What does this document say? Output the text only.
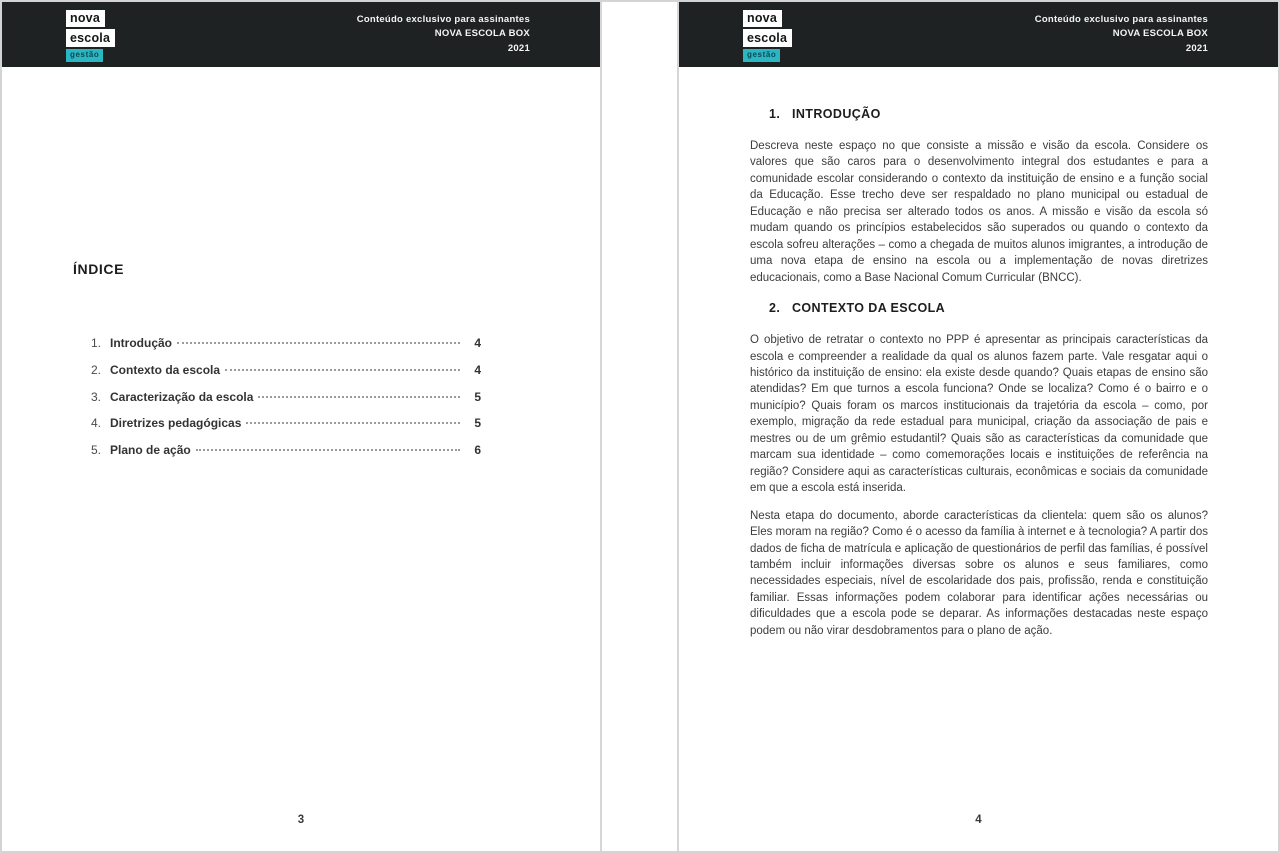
nova
escola
gestão
Conteúdo exclusivo para assinantes
NOVA ESCOLA BOX
2021
ÍNDICE
1. Introdução	4
2. Contexto da escola	4
3. Caracterização da escola	5
4. Diretrizes pedagógicas	5
5. Plano de ação	6
3
nova
escola
gestão
Conteúdo exclusivo para assinantes
NOVA ESCOLA BOX
2021
1. INTRODUÇÃO

Descreva neste espaço no que consiste a missão e visão da escola. Considere os valores que são caros para o desenvolvimento integral dos estudantes e para a comunidade escolar considerando o contexto da instituição de ensino e a função social da Educação. Esse trecho deve ser respaldado no plano municipal ou estadual de Educação e não precisa ser alterado todos os anos. A missão e visão da escola só mudam quando os princípios estabelecidos são superados ou quando o contexto da escola sofreu alterações – como a chegada de muitos alunos imigrantes, a introdução de uma nova etapa de ensino na escola ou a implementação de novas diretrizes educacionais, como a Base Nacional Comum Curricular (BNCC).

2. CONTEXTO DA ESCOLA

O objetivo de retratar o contexto no PPP é apresentar as principais características da escola e compreender a realidade da qual os alunos fazem parte. Vale resgatar aqui o histórico da instituição de ensino: ela existe desde quando? Quais etapas de ensino são atendidas? Em que turnos a escola funciona? Onde se localiza? Como é o bairro e o município? Quais foram os marcos institucionais da trajetória da escola – como, por exemplo, migração da rede estadual para municipal, criação da associação de pais e mestres ou de um grêmio estudantil? Quais são as características da comunidade que marcam sua identidade – como comemorações locais e instituições de referência na região? Considere aqui as características culturais, econômicas e sociais da comunidade em que a escola está inserida.

Nesta etapa do documento, aborde características da clientela: quem são os alunos? Eles moram na região? Como é o acesso da família à internet e à tecnologia? A partir dos dados de ficha de matrícula e aplicação de questionários de perfil das famílias, é possível também incluir informações diversas sobre os alunos e seus familiares, como necessidades especiais, nível de escolaridade dos pais, profissão, renda e constituição familiar. Essas informações podem colaborar para identificar ações necessárias ou dificuldades que a escola pode se deparar. As informações destacadas neste espaço podem ou não virar desdobramentos para o plano de ação.

4
